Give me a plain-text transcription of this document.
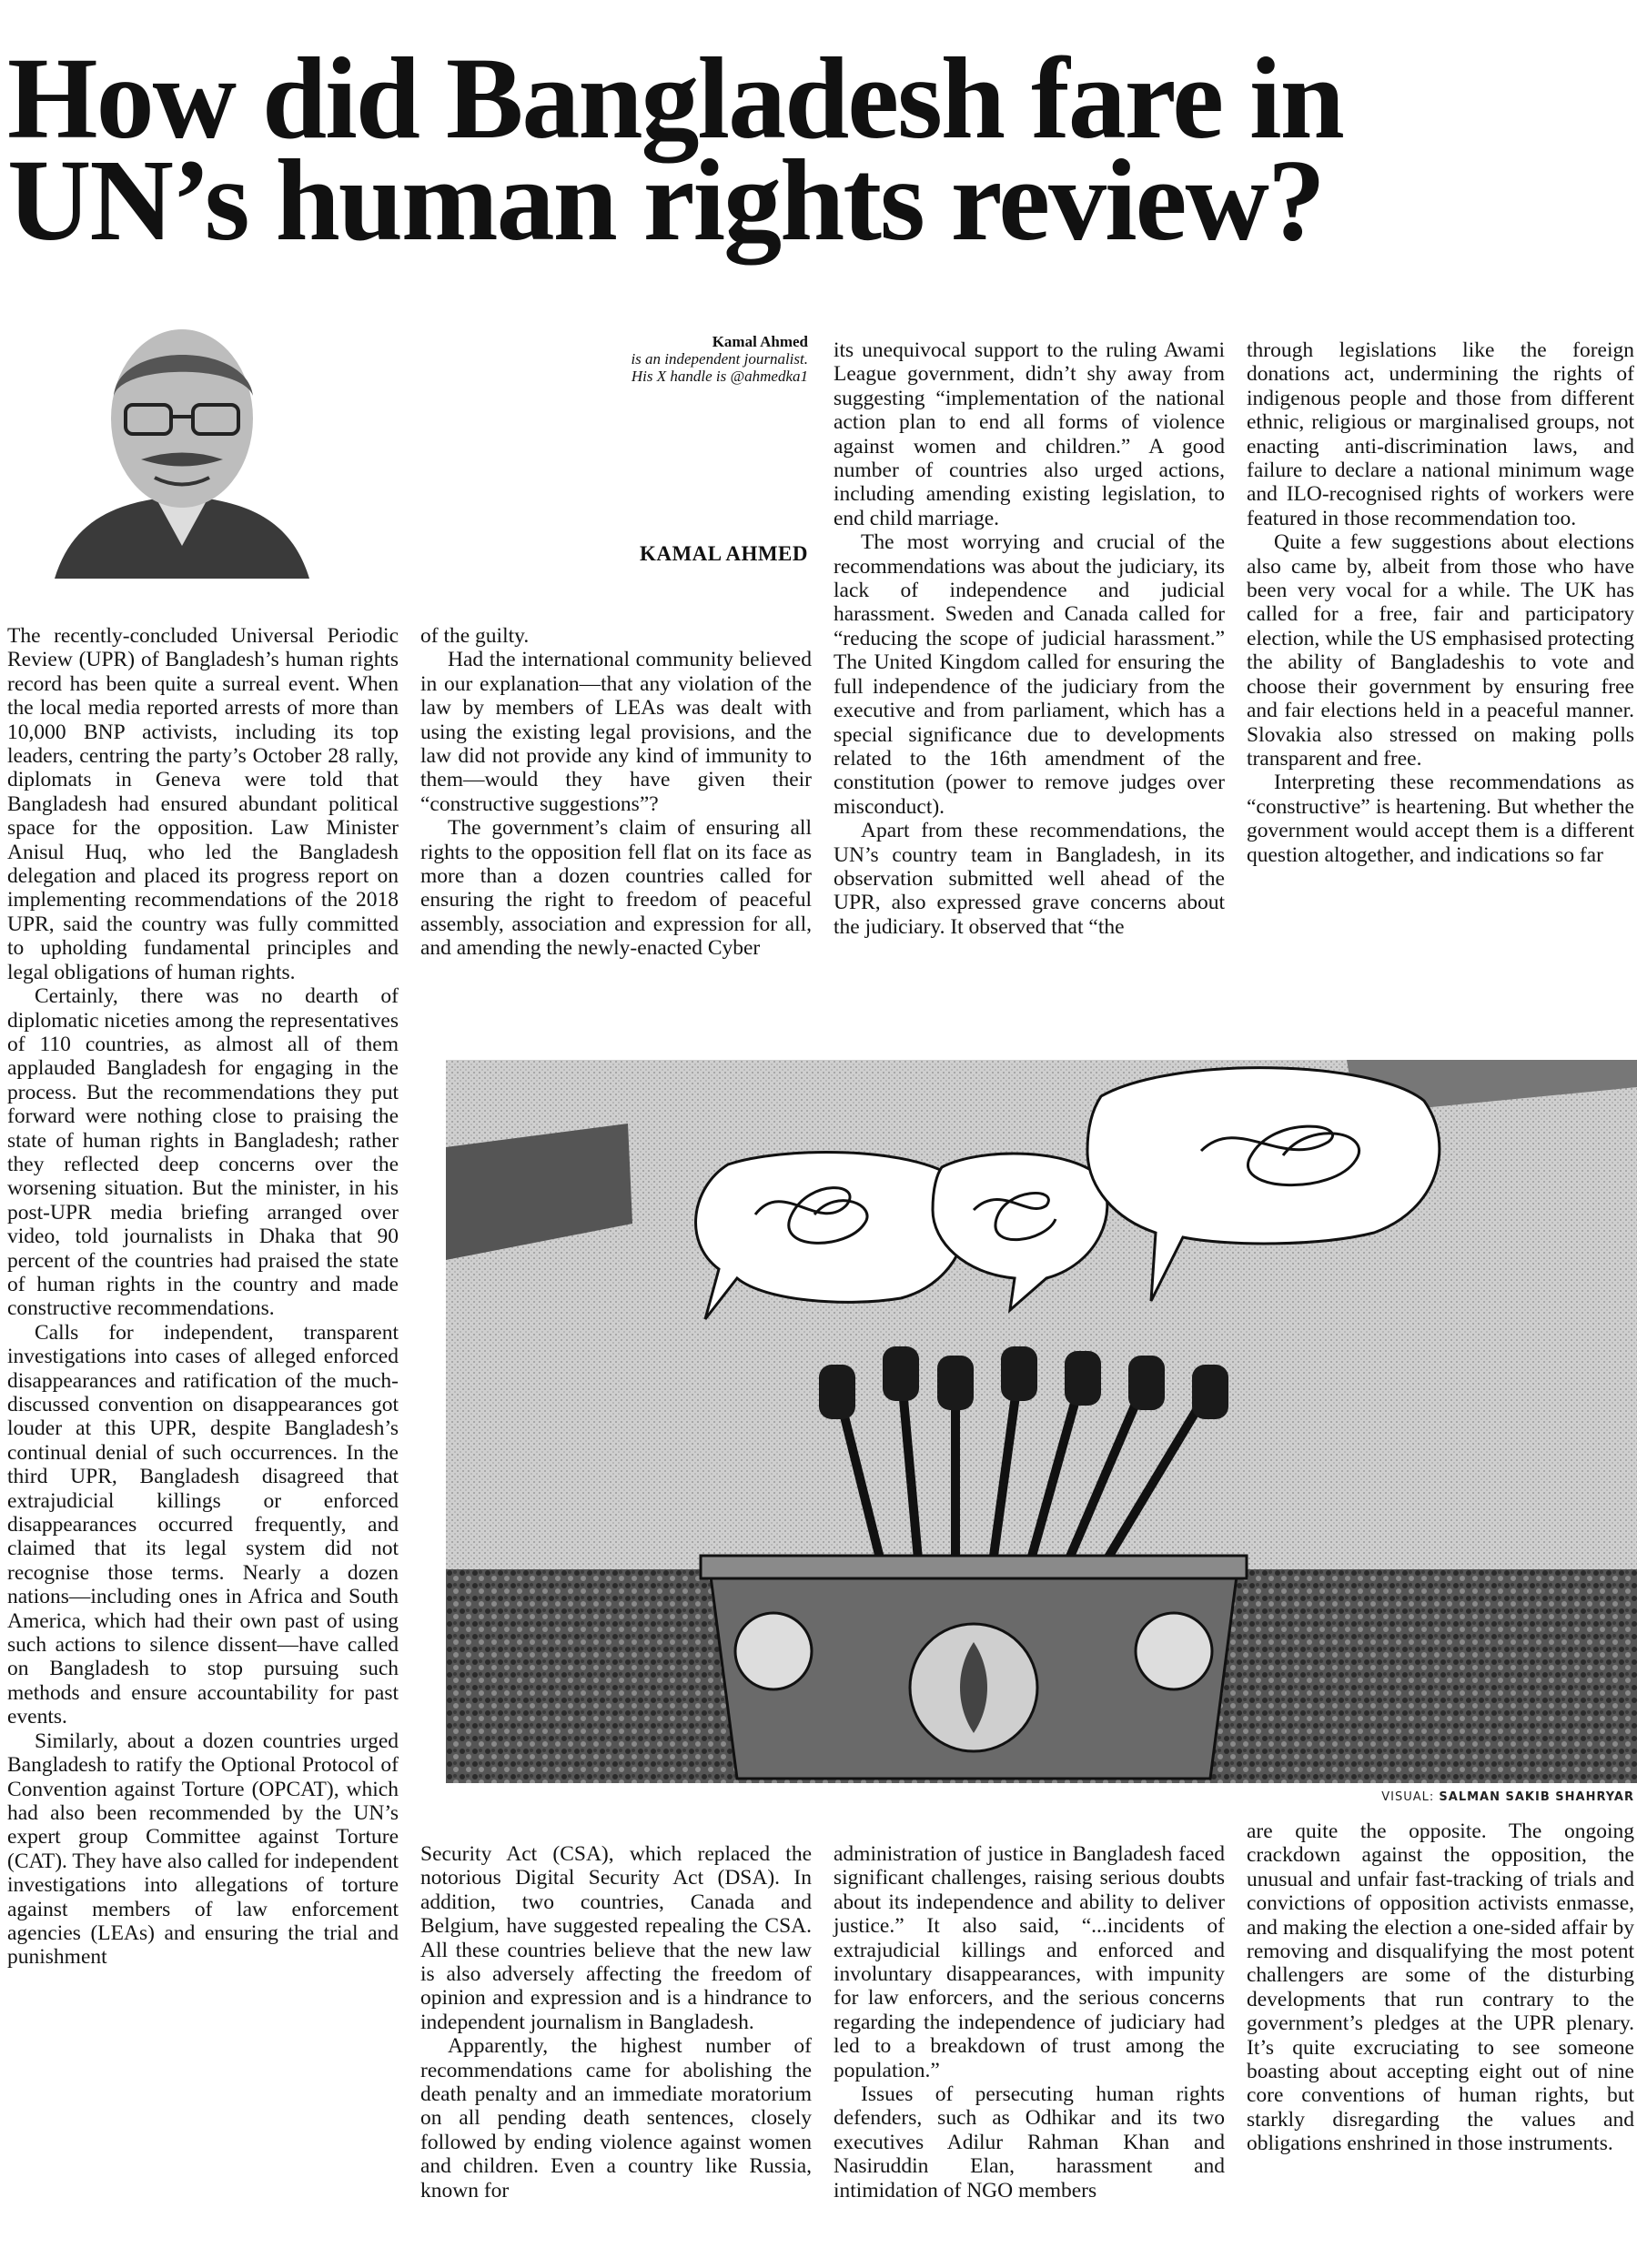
How did Bangladesh fare in
UN’s human rights review?
Kamal Ahmed
is an independent journalist.
His X handle is @ahmedka1
KAMAL AHMED

The recently-concluded Universal Periodic Review (UPR) of Bangladesh’s human rights record has been quite a surreal event. When the local media reported arrests of more than 10,000 BNP activists, including its top leaders, centring the party’s October 28 rally, diplomats in Geneva were told that Bangladesh had ensured abundant political space for the opposition. Law Minister Anisul Huq, who led the Bangladesh delegation and placed its progress report on implementing recommendations of the 2018 UPR, said the country was fully committed to upholding fundamental principles and legal obligations of human rights.

Certainly, there was no dearth of diplomatic niceties among the representatives of 110 countries, as almost all of them applauded Bangladesh for engaging in the process. But the recommendations they put forward were nothing close to praising the state of human rights in Bangladesh; rather they reflected deep concerns over the worsening situation. But the minister, in his post-UPR media briefing arranged over video, told journalists in Dhaka that 90 percent of the countries had praised the state of human rights in the country and made constructive recommendations.

Calls for independent, transparent investigations into cases of alleged enforced disappearances and ratification of the much-discussed convention on disappearances got louder at this UPR, despite Bangladesh’s continual denial of such occurrences. In the third UPR, Bangladesh disagreed that extrajudicial killings or enforced disappearances occurred frequently, and claimed that its legal system did not recognise those terms. Nearly a dozen nations—including ones in Africa and South America, which had their own past of using such actions to silence dissent—have called on Bangladesh to stop pursuing such methods and ensure accountability for past events.

Similarly, about a dozen countries urged Bangladesh to ratify the Optional Protocol of Convention against Torture (OPCAT), which had also been recommended by the UN’s expert group Committee against Torture (CAT). They have also called for independent investigations into allegations of torture against members of law enforcement agencies (LEAs) and ensuring the trial and punishment

of the guilty.

Had the international community believed in our explanation—that any violation of the law by members of LEAs was dealt with using the existing legal provisions, and the law did not provide any kind of immunity to them—would they have given their “constructive suggestions”?

The government’s claim of ensuring all rights to the opposition fell flat on its face as more than a dozen countries called for ensuring the right to freedom of peaceful assembly, association and expression for all, and amending the newly-enacted Cyber

its unequivocal support to the ruling Awami League government, didn’t shy away from suggesting “implementation of the national action plan to end all forms of violence against women and children.” A good number of countries also urged actions, including amending existing legislation, to end child marriage.

The most worrying and crucial of the recommendations was about the judiciary, its lack of independence and judicial harassment. Sweden and Canada called for “reducing the scope of judicial harassment.” The United Kingdom called for ensuring the full independence of the judiciary from the executive and from parliament, which has a special significance due to developments related to the 16th amendment of the constitution (power to remove judges over misconduct).

Apart from these recommendations, the UN’s country team in Bangladesh, in its observation submitted well ahead of the UPR, also expressed grave concerns about the judiciary. It observed that “the

through legislations like the foreign donations act, undermining the rights of indigenous people and those from different ethnic, religious or marginalised groups, not enacting anti-discrimination laws, and failure to declare a national minimum wage and ILO-recognised rights of workers were featured in those recommendation too.

Quite a few suggestions about elections also came by, albeit from those who have been very vocal for a while. The UK has called for a free, fair and participatory election, while the US emphasised protecting the ability of Bangladeshis to vote and choose their government by ensuring free and fair elections held in a peaceful manner. Slovakia also stressed on making polls transparent and free.

Interpreting these recommendations as “constructive” is heartening. But whether the government would accept them is a different question altogether, and indications so far

VISUAL: SALMAN SAKIB SHAHRYAR

Security Act (CSA), which replaced the notorious Digital Security Act (DSA). In addition, two countries, Canada and Belgium, have suggested repealing the CSA. All these countries believe that the new law is also adversely affecting the freedom of opinion and expression and is a hindrance to independent journalism in Bangladesh.

Apparently, the highest number of recommendations came for abolishing the death penalty and an immediate moratorium on all pending death sentences, closely followed by ending violence against women and children. Even a country like Russia, known for

administration of justice in Bangladesh faced significant challenges, raising serious doubts about its independence and ability to deliver justice.” It also said, “...incidents of extrajudicial killings and enforced and involuntary disappearances, with impunity for law enforcers, and the serious concerns regarding the independence of judiciary had led to a breakdown of trust among the population.”

Issues of persecuting human rights defenders, such as Odhikar and its two executives Adilur Rahman Khan and Nasiruddin Elan, harassment and intimidation of NGO members

are quite the opposite. The ongoing crackdown against the opposition, the unusual and unfair fast-tracking of trials and convictions of opposition activists enmasse, and making the election a one-sided affair by removing and disqualifying the most potent challengers are some of the disturbing developments that run contrary to the government’s pledges at the UPR plenary. It’s quite excruciating to see someone boasting about accepting eight out of nine core conventions of human rights, but starkly disregarding the values and obligations enshrined in those instruments.
